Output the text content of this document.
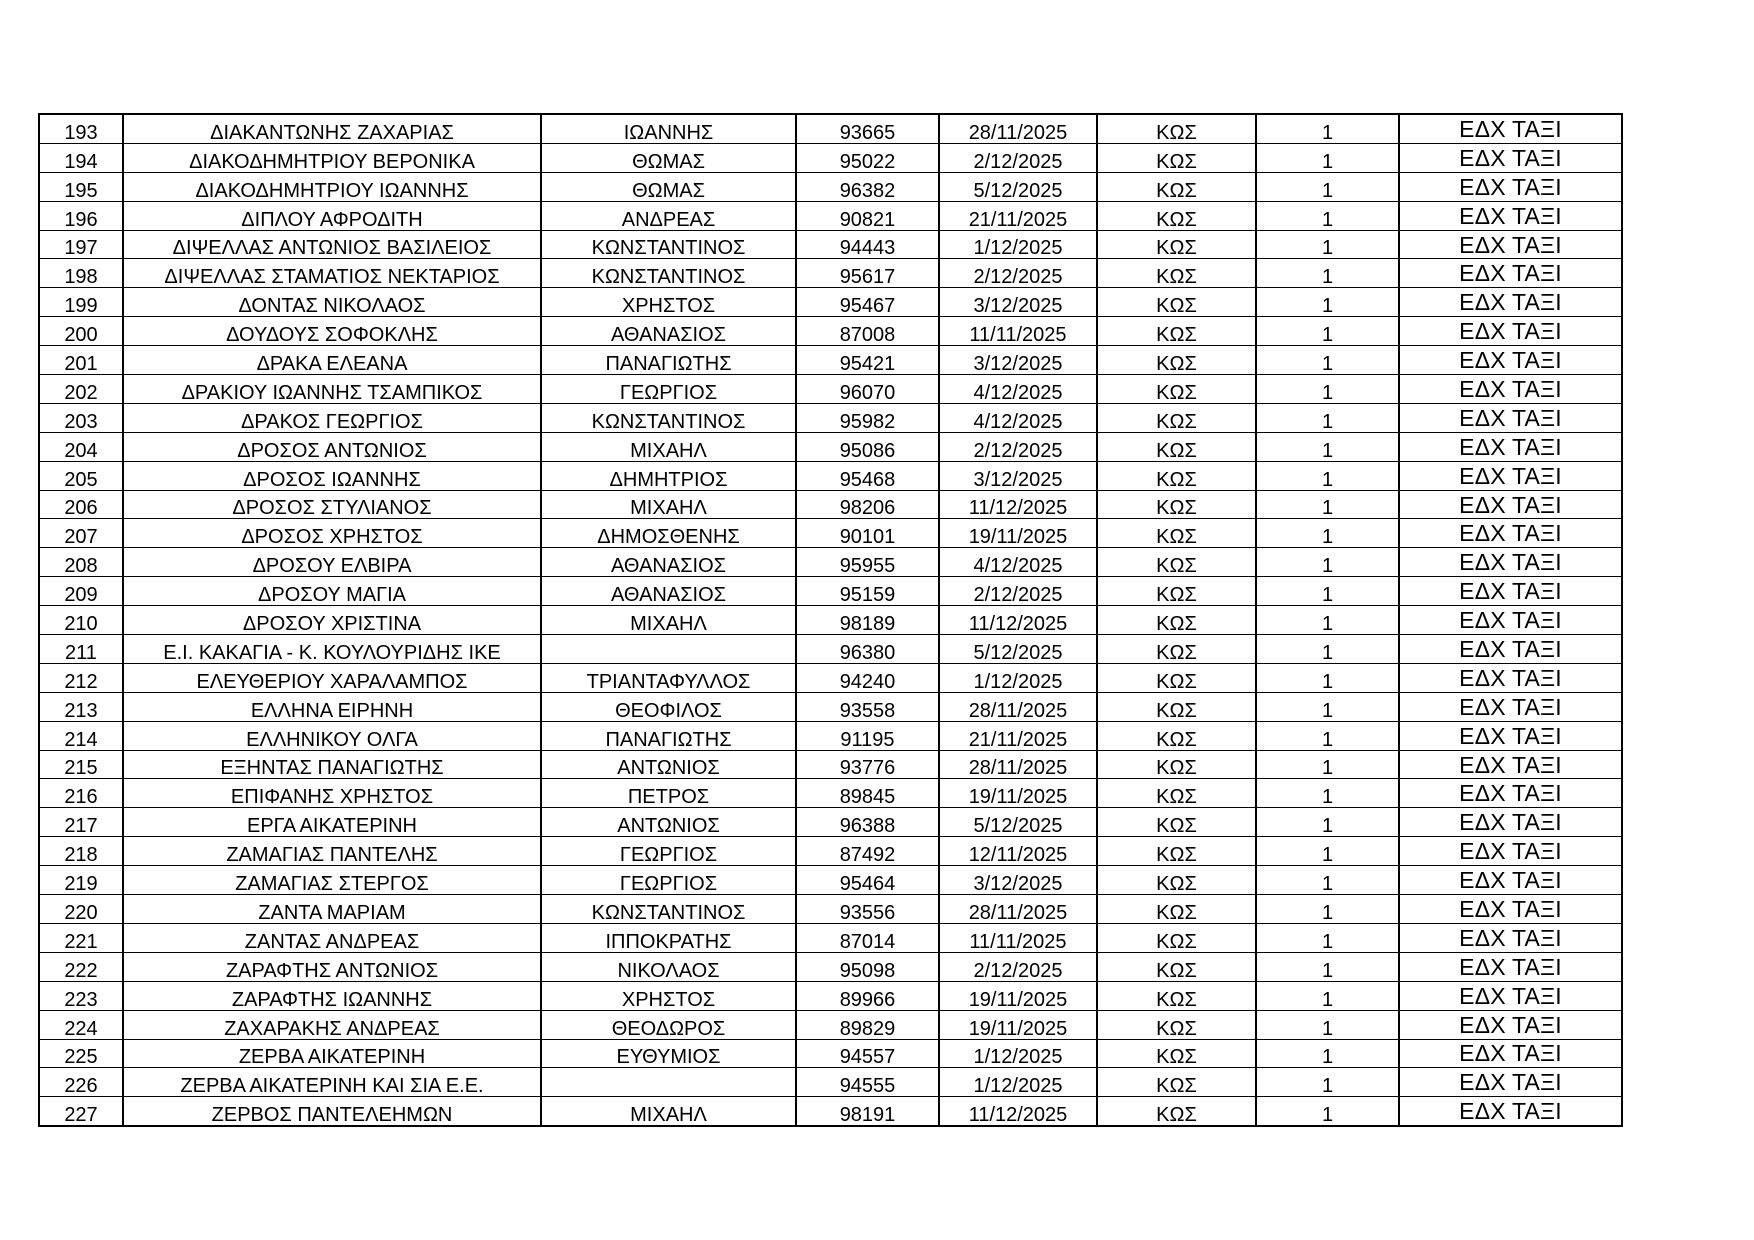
193	ΔΙΑΚΑΝΤΩΝΗΣ ΖΑΧΑΡΙΑΣ	ΙΩΑΝΝΗΣ	93665	28/11/2025	ΚΩΣ	1	ΕΔΧ ΤΑΞΙ
194	ΔΙΑΚΟΔΗΜΗΤΡΙΟΥ ΒΕΡΟΝΙΚΑ	ΘΩΜΑΣ	95022	2/12/2025	ΚΩΣ	1	ΕΔΧ ΤΑΞΙ
195	ΔΙΑΚΟΔΗΜΗΤΡΙΟΥ ΙΩΑΝΝΗΣ	ΘΩΜΑΣ	96382	5/12/2025	ΚΩΣ	1	ΕΔΧ ΤΑΞΙ
196	ΔΙΠΛΟΥ ΑΦΡΟΔΙΤΗ	ΑΝΔΡΕΑΣ	90821	21/11/2025	ΚΩΣ	1	ΕΔΧ ΤΑΞΙ
197	ΔΙΨΕΛΛΑΣ ΑΝΤΩΝΙΟΣ ΒΑΣΙΛΕΙΟΣ	ΚΩΝΣΤΑΝΤΙΝΟΣ	94443	1/12/2025	ΚΩΣ	1	ΕΔΧ ΤΑΞΙ
198	ΔΙΨΕΛΛΑΣ ΣΤΑΜΑΤΙΟΣ ΝΕΚΤΑΡΙΟΣ	ΚΩΝΣΤΑΝΤΙΝΟΣ	95617	2/12/2025	ΚΩΣ	1	ΕΔΧ ΤΑΞΙ
199	ΔΟΝΤΑΣ ΝΙΚΟΛΑΟΣ	ΧΡΗΣΤΟΣ	95467	3/12/2025	ΚΩΣ	1	ΕΔΧ ΤΑΞΙ
200	ΔΟΥΔΟΥΣ ΣΟΦΟΚΛΗΣ	ΑΘΑΝΑΣΙΟΣ	87008	11/11/2025	ΚΩΣ	1	ΕΔΧ ΤΑΞΙ
201	ΔΡΑΚΑ ΕΛΕΑΝΑ	ΠΑΝΑΓΙΩΤΗΣ	95421	3/12/2025	ΚΩΣ	1	ΕΔΧ ΤΑΞΙ
202	ΔΡΑΚΙΟΥ ΙΩΑΝΝΗΣ ΤΣΑΜΠΙΚΟΣ	ΓΕΩΡΓΙΟΣ	96070	4/12/2025	ΚΩΣ	1	ΕΔΧ ΤΑΞΙ
203	ΔΡΑΚΟΣ ΓΕΩΡΓΙΟΣ	ΚΩΝΣΤΑΝΤΙΝΟΣ	95982	4/12/2025	ΚΩΣ	1	ΕΔΧ ΤΑΞΙ
204	ΔΡΟΣΟΣ ΑΝΤΩΝΙΟΣ	ΜΙΧΑΗΛ	95086	2/12/2025	ΚΩΣ	1	ΕΔΧ ΤΑΞΙ
205	ΔΡΟΣΟΣ ΙΩΑΝΝΗΣ	ΔΗΜΗΤΡΙΟΣ	95468	3/12/2025	ΚΩΣ	1	ΕΔΧ ΤΑΞΙ
206	ΔΡΟΣΟΣ ΣΤΥΛΙΑΝΟΣ	ΜΙΧΑΗΛ	98206	11/12/2025	ΚΩΣ	1	ΕΔΧ ΤΑΞΙ
207	ΔΡΟΣΟΣ ΧΡΗΣΤΟΣ	ΔΗΜΟΣΘΕΝΗΣ	90101	19/11/2025	ΚΩΣ	1	ΕΔΧ ΤΑΞΙ
208	ΔΡΟΣΟΥ ΕΛΒΙΡΑ	ΑΘΑΝΑΣΙΟΣ	95955	4/12/2025	ΚΩΣ	1	ΕΔΧ ΤΑΞΙ
209	ΔΡΟΣΟΥ ΜΑΓΙΑ	ΑΘΑΝΑΣΙΟΣ	95159	2/12/2025	ΚΩΣ	1	ΕΔΧ ΤΑΞΙ
210	ΔΡΟΣΟΥ ΧΡΙΣΤΙΝΑ	ΜΙΧΑΗΛ	98189	11/12/2025	ΚΩΣ	1	ΕΔΧ ΤΑΞΙ
211	Ε.Ι. ΚΑΚΑΓΙΑ - Κ. ΚΟΥΛΟΥΡΙΔΗΣ ΙΚΕ		96380	5/12/2025	ΚΩΣ	1	ΕΔΧ ΤΑΞΙ
212	ΕΛΕΥΘΕΡΙΟΥ ΧΑΡΑΛΑΜΠΟΣ	ΤΡΙΑΝΤΑΦΥΛΛΟΣ	94240	1/12/2025	ΚΩΣ	1	ΕΔΧ ΤΑΞΙ
213	ΕΛΛΗΝΑ ΕΙΡΗΝΗ	ΘΕΟΦΙΛΟΣ	93558	28/11/2025	ΚΩΣ	1	ΕΔΧ ΤΑΞΙ
214	ΕΛΛΗΝΙΚΟΥ ΟΛΓΑ	ΠΑΝΑΓΙΩΤΗΣ	91195	21/11/2025	ΚΩΣ	1	ΕΔΧ ΤΑΞΙ
215	ΕΞΗΝΤΑΣ ΠΑΝΑΓΙΩΤΗΣ	ΑΝΤΩΝΙΟΣ	93776	28/11/2025	ΚΩΣ	1	ΕΔΧ ΤΑΞΙ
216	ΕΠΙΦΑΝΗΣ ΧΡΗΣΤΟΣ	ΠΕΤΡΟΣ	89845	19/11/2025	ΚΩΣ	1	ΕΔΧ ΤΑΞΙ
217	ΕΡΓΑ ΑΙΚΑΤΕΡΙΝΗ	ΑΝΤΩΝΙΟΣ	96388	5/12/2025	ΚΩΣ	1	ΕΔΧ ΤΑΞΙ
218	ΖΑΜΑΓΙΑΣ ΠΑΝΤΕΛΗΣ	ΓΕΩΡΓΙΟΣ	87492	12/11/2025	ΚΩΣ	1	ΕΔΧ ΤΑΞΙ
219	ΖΑΜΑΓΙΑΣ ΣΤΕΡΓΟΣ	ΓΕΩΡΓΙΟΣ	95464	3/12/2025	ΚΩΣ	1	ΕΔΧ ΤΑΞΙ
220	ΖΑΝΤΑ ΜΑΡΙΑΜ	ΚΩΝΣΤΑΝΤΙΝΟΣ	93556	28/11/2025	ΚΩΣ	1	ΕΔΧ ΤΑΞΙ
221	ΖΑΝΤΑΣ ΑΝΔΡΕΑΣ	ΙΠΠΟΚΡΑΤΗΣ	87014	11/11/2025	ΚΩΣ	1	ΕΔΧ ΤΑΞΙ
222	ΖΑΡΑΦΤΗΣ ΑΝΤΩΝΙΟΣ	ΝΙΚΟΛΑΟΣ	95098	2/12/2025	ΚΩΣ	1	ΕΔΧ ΤΑΞΙ
223	ΖΑΡΑΦΤΗΣ ΙΩΑΝΝΗΣ	ΧΡΗΣΤΟΣ	89966	19/11/2025	ΚΩΣ	1	ΕΔΧ ΤΑΞΙ
224	ΖΑΧΑΡΑΚΗΣ ΑΝΔΡΕΑΣ	ΘΕΟΔΩΡΟΣ	89829	19/11/2025	ΚΩΣ	1	ΕΔΧ ΤΑΞΙ
225	ΖΕΡΒΑ ΑΙΚΑΤΕΡΙΝΗ	ΕΥΘΥΜΙΟΣ	94557	1/12/2025	ΚΩΣ	1	ΕΔΧ ΤΑΞΙ
226	ΖΕΡΒΑ ΑΙΚΑΤΕΡΙΝΗ ΚΑΙ ΣΙΑ Ε.Ε.		94555	1/12/2025	ΚΩΣ	1	ΕΔΧ ΤΑΞΙ
227	ΖΕΡΒΟΣ ΠΑΝΤΕΛΕΗΜΩΝ	ΜΙΧΑΗΛ	98191	11/12/2025	ΚΩΣ	1	ΕΔΧ ΤΑΞΙ
